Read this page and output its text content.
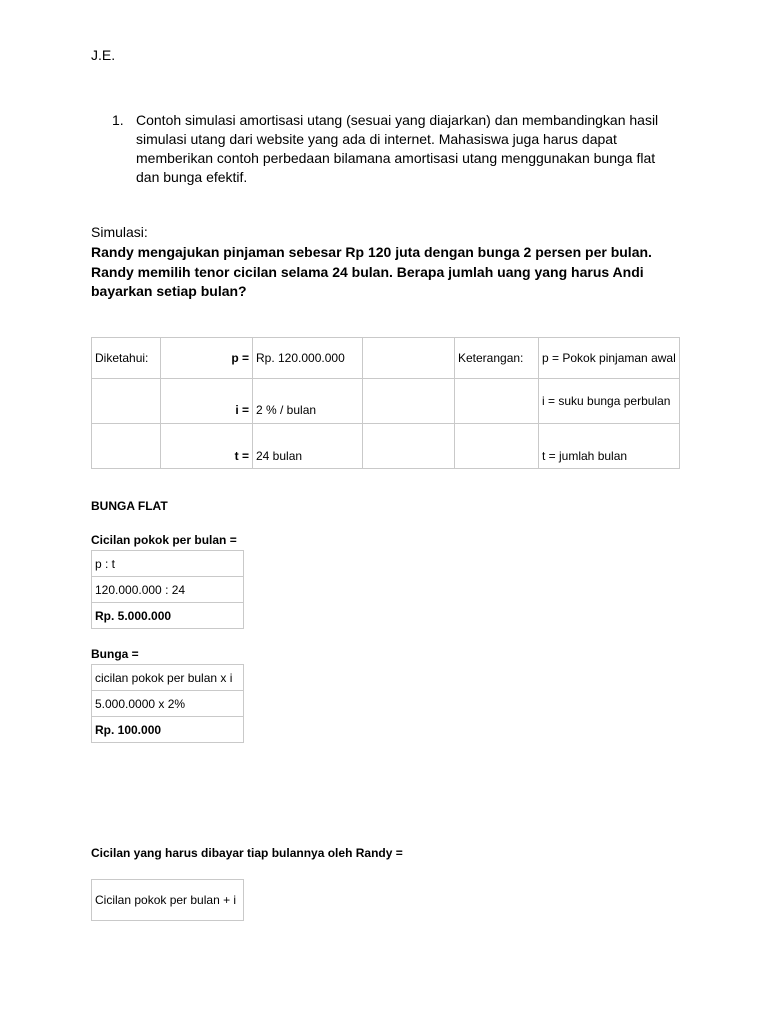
J.E.
1. Contoh simulasi amortisasi utang (sesuai yang diajarkan) dan membandingkan hasil simulasi utang dari website yang ada di internet. Mahasiswa juga harus dapat memberikan contoh perbedaan bilamana amortisasi utang menggunakan bunga flat dan bunga efektif.
Simulasi:
Randy mengajukan pinjaman sebesar Rp 120 juta dengan bunga 2 persen per bulan. Randy memilih tenor cicilan selama 24 bulan. Berapa jumlah uang yang harus Andi bayarkan setiap bulan?
Diketahui:	p =	Rp. 120.000.000		Keterangan:	p = Pokok pinjaman awal
	i =	2 % / bulan			i = suku bunga perbulan
	t =	24 bulan			t = jumlah bulan
BUNGA FLAT
Cicilan pokok per bulan =
p : t
120.000.000 : 24
Rp. 5.000.000
Bunga =
cicilan pokok per bulan x i
5.000.0000 x 2%
Rp. 100.000
Cicilan yang harus dibayar tiap bulannya oleh Randy =
Cicilan pokok per bulan + i
